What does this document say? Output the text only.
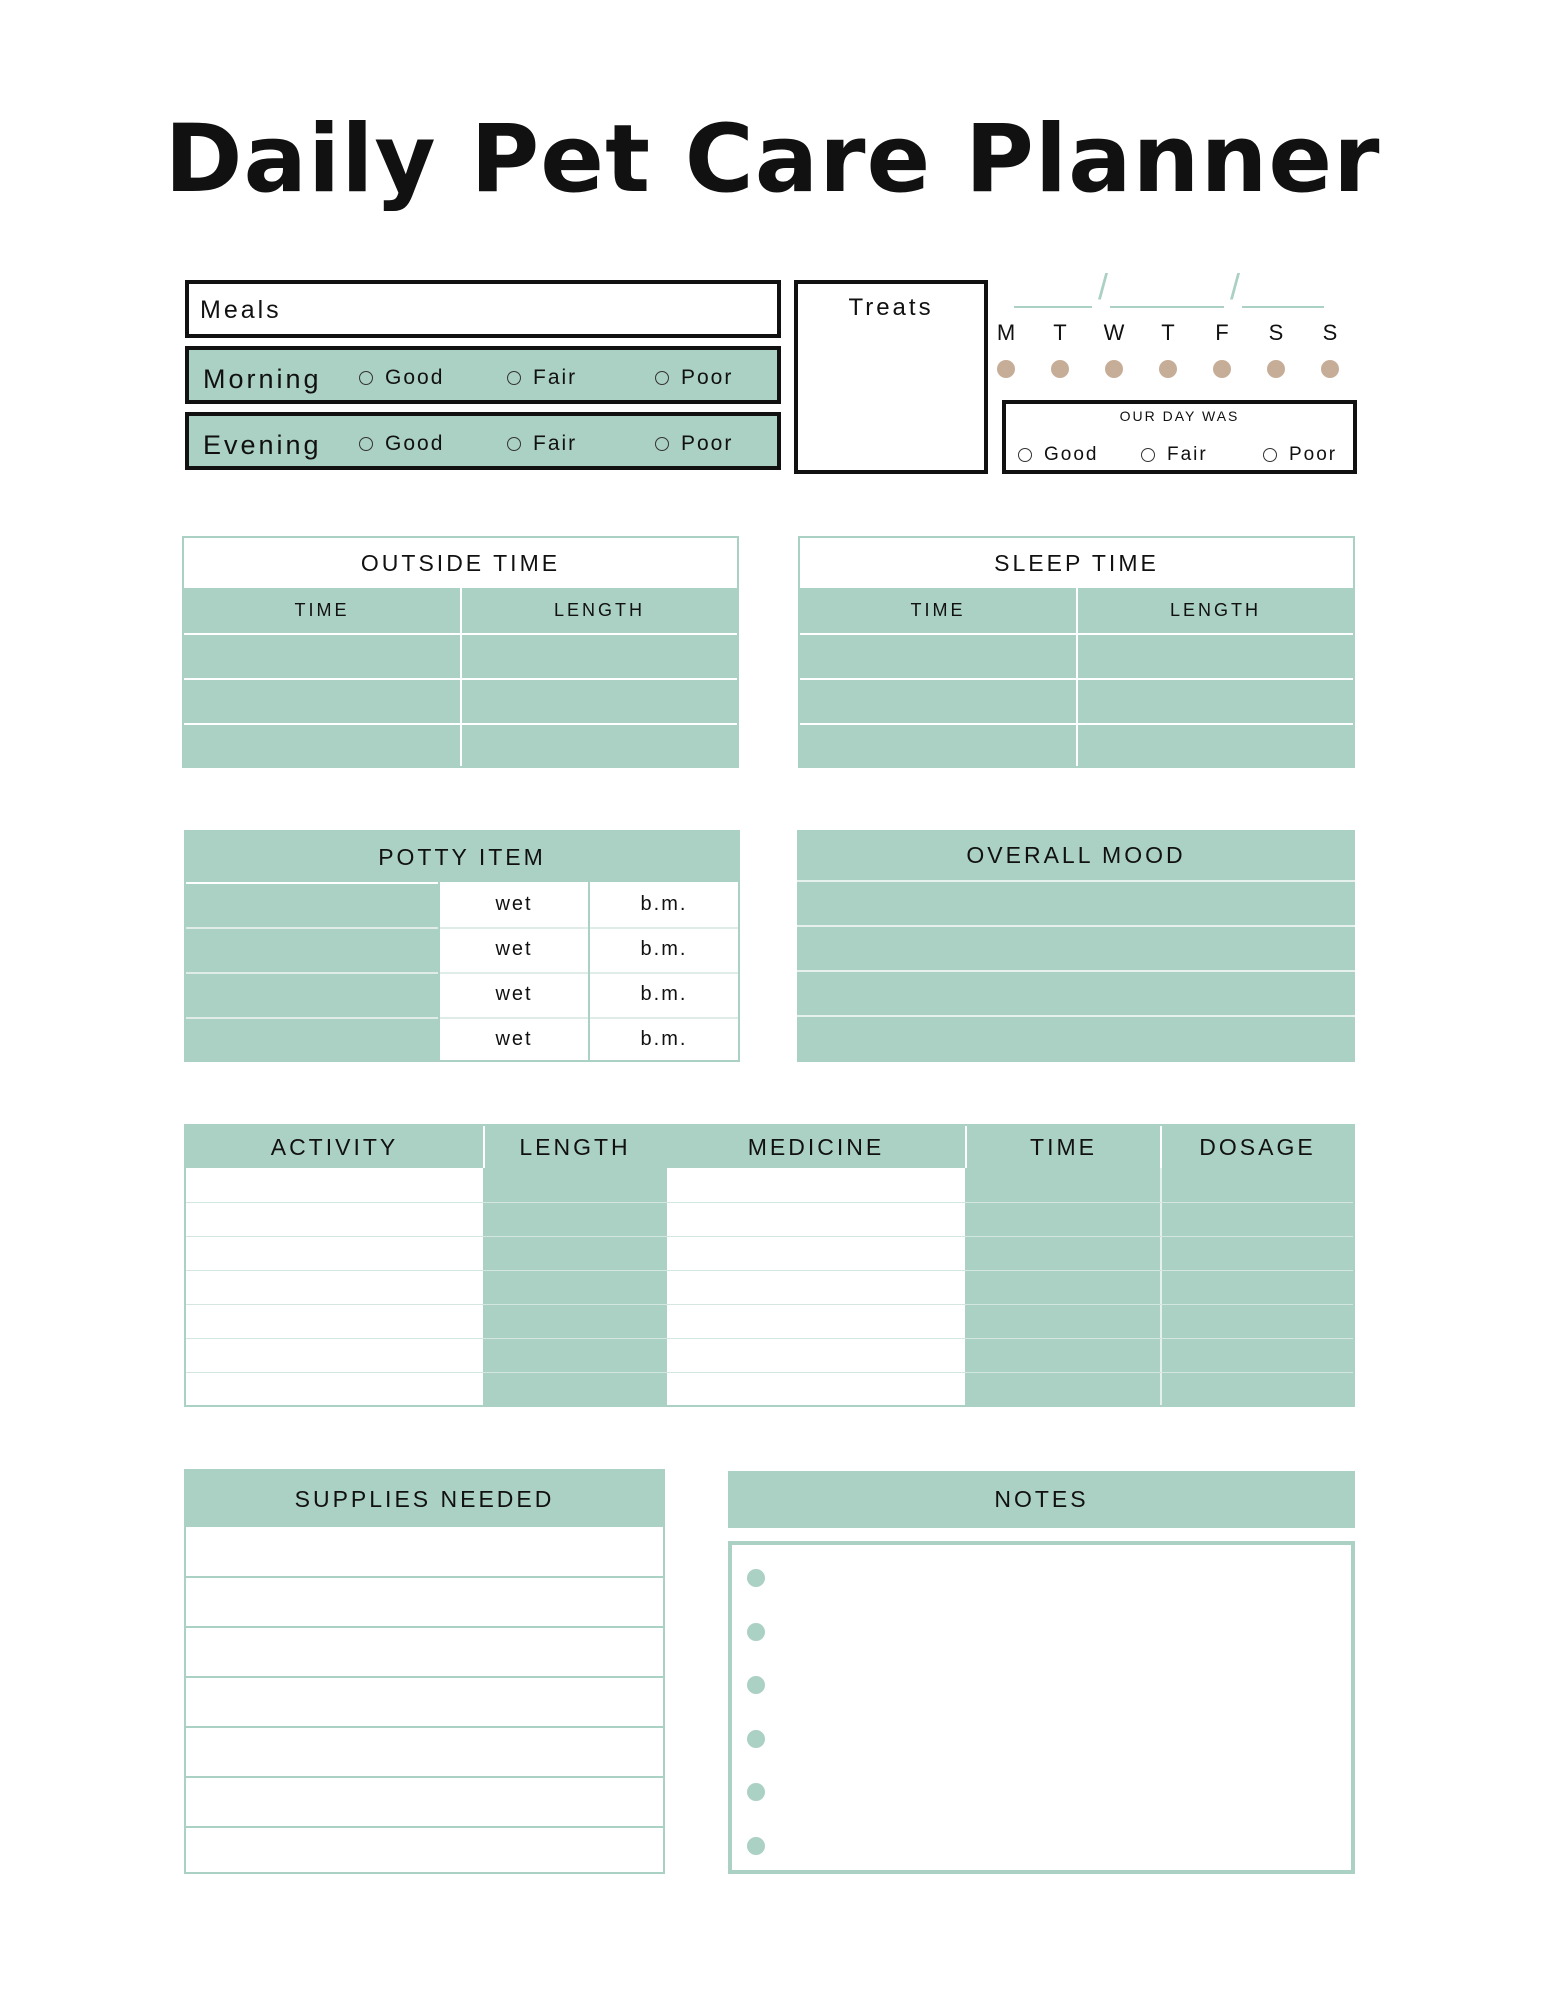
Daily Pet Care Planner
Meals
Morning	Good	Fair	Poor
Evening	Good	Fair	Poor
Treats
/	/
M	T	W	T	F	S	S
OUR DAY WAS
Good	Fair	Poor
OUTSIDE TIME
TIME	LENGTH
SLEEP TIME
TIME	LENGTH
POTTY ITEM
wet	b.m.
wet	b.m.
wet	b.m.
wet	b.m.
OVERALL MOOD
ACTIVITY	LENGTH	MEDICINE	TIME	DOSAGE
SUPPLIES NEEDED	NOTES
